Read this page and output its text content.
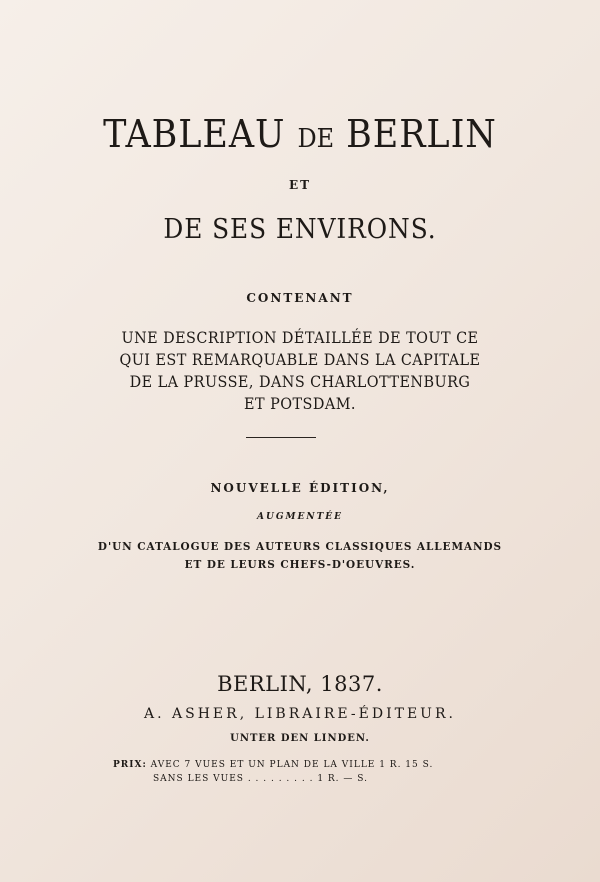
TABLEAU DE BERLIN
ET
DE SES ENVIRONS.
CONTENANT
UNE DESCRIPTION DÉTAILLÉE DE TOUT CE
QUI EST REMARQUABLE DANS LA CAPITALE
DE LA PRUSSE, DANS CHARLOTTENBURG
ET POTSDAM.
NOUVELLE ÉDITION,
AUGMENTÉE
D'UN CATALOGUE DES AUTEURS CLASSIQUES ALLEMANDS
ET DE LEURS CHEFS-D'OEUVRES.
BERLIN, 1837.
A. ASHER, LIBRAIRE-ÉDITEUR.
UNTER DEN LINDEN.
PRIX: AVEC 7 VUES ET UN PLAN DE LA VILLE 1 R. 15 S.
SANS LES VUES . . . . . . . . . 1 R. — S.
